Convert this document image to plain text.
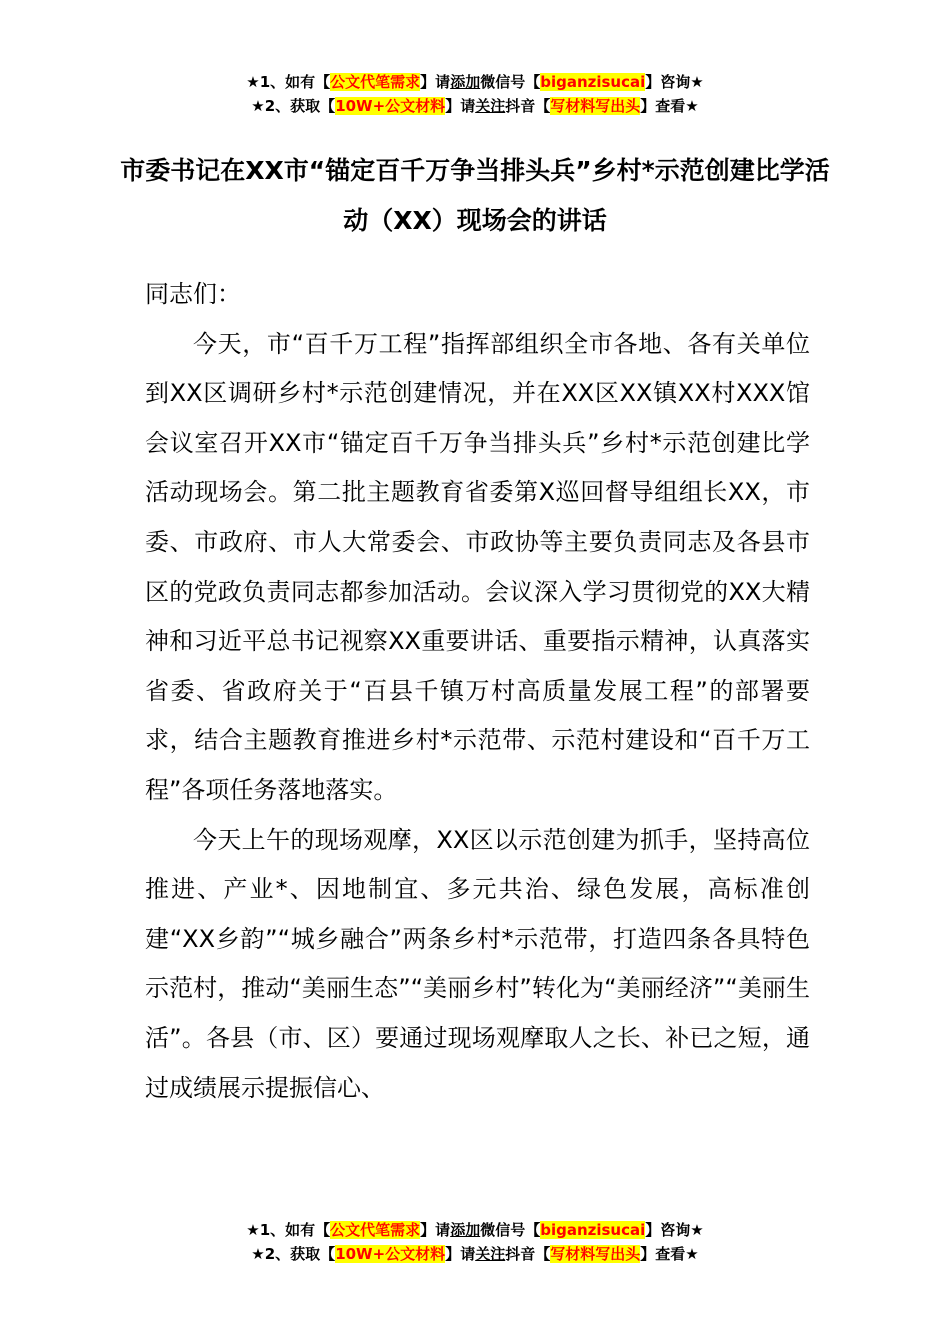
★1、如有【公文代笔需求】请添加微信号【biganzisucai】咨询★
★2、获取【10W+公文材料】请关注抖音【写材料写出头】查看★
市委书记在XX市“锚定百千万争当排头兵”乡村*示范创建比学活动（XX）现场会的讲话

同志们：

今天，市“百千万工程”指挥部组织全市各地、各有关单位到XX区调研乡村*示范创建情况，并在XX区XX镇XX村XXX馆会议室召开XX市“锚定百千万争当排头兵”乡村*示范创建比学活动现场会。第二批主题教育省委第X巡回督导组组长XX，市委、市政府、市人大常委会、市政协等主要负责同志及各县市区的党政负责同志都参加活动。会议深入学习贯彻党的XX大精神和习近平总书记视察XX重要讲话、重要指示精神，认真落实省委、省政府关于“百县千镇万村高质量发展工程”的部署要求，结合主题教育推进乡村*示范带、示范村建设和“百千万工程”各项任务落地落实。

今天上午的现场观摩，XX区以示范创建为抓手，坚持高位推进、产业*、因地制宜、多元共治、绿色发展，高标准创建“XX乡韵”“城乡融合”两条乡村*示范带，打造四条各具特色示范村，推动“美丽生态”“美丽乡村”转化为“美丽经济”“美丽生活”。各县（市、区）要通过现场观摩取人之长、补已之短，通过成绩展示提振信心、

★1、如有【公文代笔需求】请添加微信号【biganzisucai】咨询★
★2、获取【10W+公文材料】请关注抖音【写材料写出头】查看★
